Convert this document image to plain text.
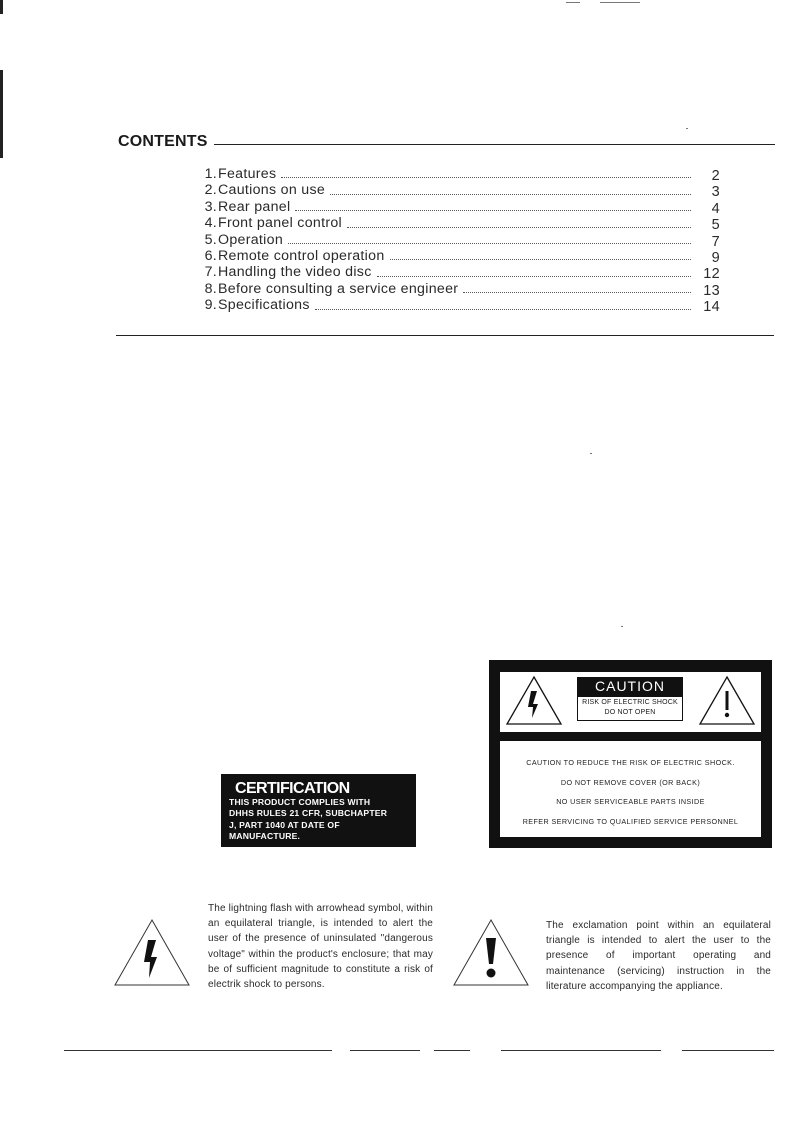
CONTENTS
1. Features	2
2. Cautions on use	3
3. Rear panel	4
4. Front panel control	5
5. Operation	7
6. Remote control operation	9
7. Handling the video disc	12
8. Before consulting a service engineer	13
9. Specifications	14
CERTIFICATION
THIS PRODUCT COMPLIES WITH
DHHS RULES 21 CFR, SUBCHAPTER
J, PART 1040 AT DATE OF
MANUFACTURE.
CAUTION
RISK OF ELECTRIC SHOCK
DO NOT OPEN
CAUTION TO REDUCE THE RISK OF ELECTRIC SHOCK.
DO NOT REMOVE COVER (OR BACK)
NO USER SERVICEABLE PARTS INSIDE
REFER SERVICING TO QUALIFIED SERVICE PERSONNEL
The lightning flash with arrowhead symbol, within an equilateral triangle, is intended to alert the user of the presence of uninsulated "dangerous voltage" within the product's enclosure; that may be of sufficient magnitude to constitute a risk of electrik shock to persons.
The exclamation point within an equilateral triangle is intended to alert the user to the presence of important operating and maintenance (servicing) instruction in the literature accompanying the appliance.
